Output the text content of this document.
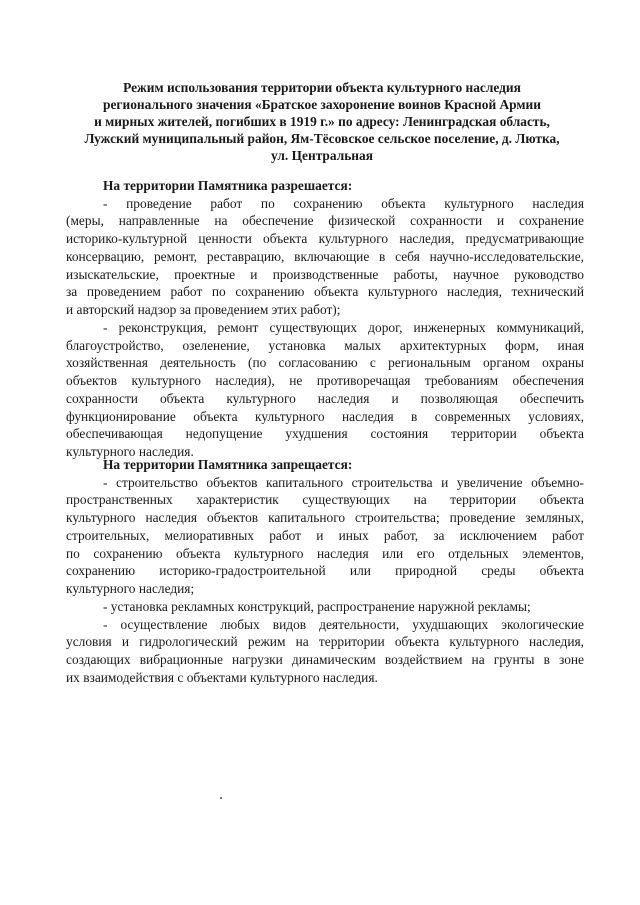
Режим использования территории объекта культурного наследия
регионального значения «Братское захоронение воинов Красной Армии
и мирных жителей, погибших в 1919 г.» по адресу: Ленинградская область,
Лужский муниципальный район, Ям-Тёсовское сельское поселение, д. Лютка,
ул. Центральная
На территории Памятника разрешается:
- проведение работ по сохранению объекта культурного наследия
(меры, направленные на обеспечение физической сохранности и сохранение
историко-культурной ценности объекта культурного наследия, предусматривающие
консервацию, ремонт, реставрацию, включающие в себя научно-исследовательские,
изыскательские, проектные и производственные работы, научное руководство
за проведением работ по сохранению объекта культурного наследия, технический
и авторский надзор за проведением этих работ);
- реконструкция, ремонт существующих дорог, инженерных коммуникаций,
благоустройство, озеленение, установка малых архитектурных форм, иная
хозяйственная деятельность (по согласованию с региональным органом охраны
объектов культурного наследия), не противоречащая требованиям обеспечения
сохранности объекта культурного наследия и позволяющая обеспечить
функционирование объекта культурного наследия в современных условиях,
обеспечивающая недопущение ухудшения состояния территории объекта
культурного наследия.
На территории Памятника запрещается:
- строительство объектов капитального строительства и увеличение объемно-
пространственных характеристик существующих на территории объекта
культурного наследия объектов капитального строительства; проведение земляных,
строительных, мелиоративных работ и иных работ, за исключением работ
по сохранению объекта культурного наследия или его отдельных элементов,
сохранению историко-градостроительной или природной среды объекта
культурного наследия;
- установка рекламных конструкций, распространение наружной рекламы;
- осуществление любых видов деятельности, ухудшающих экологические
условия и гидрологический режим на территории объекта культурного наследия,
создающих вибрационные нагрузки динамическим воздействием на грунты в зоне
их взаимодействия с объектами культурного наследия.
